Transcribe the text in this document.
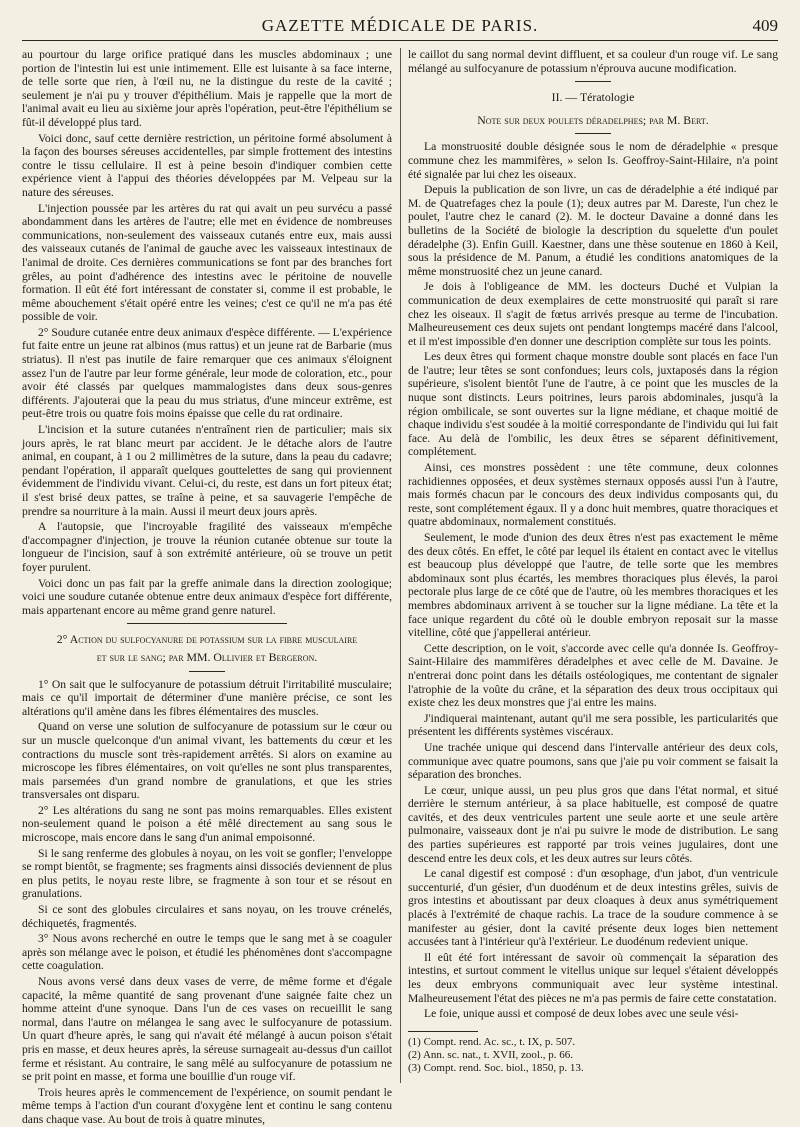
GAZETTE MÉDICALE DE PARIS.	409

au pourtour du large orifice pratiqué dans les muscles abdominaux ; une portion de l'intestin lui est unie intimement. Elle est luisante à sa face interne, de telle sorte que rien, à l'œil nu, ne la distingue du reste de la cavité ; seulement je n'ai pu y trouver d'épithélium. Mais je rappelle que la mort de l'animal avait eu lieu au sixième jour après l'opération, peut-être l'épithélium se fût-il développé plus tard.

Voici donc, sauf cette dernière restriction, un péritoine formé absolument à la façon des bourses séreuses accidentelles, par simple frottement des intestins contre le tissu cellulaire. Il est à peine besoin d'indiquer combien cette expérience vient à l'appui des théories développées par M. Velpeau sur la nature des séreuses.

L'injection poussée par les artères du rat qui avait un peu survécu a passé abondamment dans les artères de l'autre; elle met en évidence de nombreuses communications, non-seulement des vaisseaux cutanés entre eux, mais aussi des vaisseaux cutanés de l'animal de gauche avec les vaisseaux intestinaux de l'animal de droite. Ces dernières communications se font par des branches fort grêles, au point d'adhérence des intestins avec le péritoine de nouvelle formation. Il eût été fort intéressant de constater si, comme il est probable, le même abouchement s'était opéré entre les veines; c'est ce qu'il ne m'a pas été possible de voir.

2° Soudure cutanée entre deux animaux d'espèce différente. — L'expérience fut faite entre un jeune rat albinos (mus rattus) et un jeune rat de Barbarie (mus striatus). Il n'est pas inutile de faire remarquer que ces animaux s'éloignent assez l'un de l'autre par leur forme générale, leur mode de coloration, etc., pour avoir été classés par quelques mammalogistes dans deux sous-genres différents. J'ajouterai que la peau du mus striatus, d'une minceur extrême, est peut-être trois ou quatre fois moins épaisse que celle du rat ordinaire.

L'incision et la suture cutanées n'entraînent rien de particulier; mais six jours après, le rat blanc meurt par accident. Je le détache alors de l'autre animal, en coupant, à 1 ou 2 millimètres de la suture, dans la peau du cadavre; pendant l'opération, il apparaît quelques gouttelettes de sang qui proviennent évidemment de l'individu vivant. Celui-ci, du reste, est dans un fort piteux état; il s'est brisé deux pattes, se traîne à peine, et sa sauvagerie l'empêche de prendre sa nourriture à la main. Aussi il meurt deux jours après.

A l'autopsie, que l'incroyable fragilité des vaisseaux m'empêche d'accompagner d'injection, je trouve la réunion cutanée obtenue sur toute la longueur de l'incision, sauf à son extrémité antérieure, où se trouve un petit foyer purulent.

Voici donc un pas fait par la greffe animale dans la direction zoologique; voici une soudure cutanée obtenue entre deux animaux d'espèce fort différente, mais appartenant encore au même grand genre naturel.

2° Action du sulfocyanure de potassium sur la fibre musculaire
et sur le sang; par MM. Ollivier et Bergeron.

1° On sait que le sulfocyanure de potassium détruit l'irritabilité musculaire; mais ce qu'il importait de déterminer d'une manière précise, ce sont les altérations qu'il amène dans les fibres élémentaires des muscles.

Quand on verse une solution de sulfocyanure de potassium sur le cœur ou sur un muscle quelconque d'un animal vivant, les battements du cœur et les contractions du muscle sont très-rapidement arrêtés. Si alors on examine au microscope les fibres élémentaires, on voit qu'elles ne sont plus transparentes, mais parsemées d'un grand nombre de granulations, et que les stries transversales ont disparu.

2° Les altérations du sang ne sont pas moins remarquables. Elles existent non-seulement quand le poison a été mêlé directement au sang sous le microscope, mais encore dans le sang d'un animal empoisonné.

Si le sang renferme des globules à noyau, on les voit se gonfler; l'enveloppe se rompt bientôt, se fragmente; ses fragments ainsi dissociés deviennent de plus en plus petits, le noyau reste libre, se fragmente à son tour et se résout en granulations.

Si ce sont des globules circulaires et sans noyau, on les trouve crénelés, déchiquetés, fragmentés.

3° Nous avons recherché en outre le temps que le sang met à se coaguler après son mélange avec le poison, et étudié les phénomènes dont s'accompagne cette coagulation.

Nous avons versé dans deux vases de verre, de même forme et d'égale capacité, la même quantité de sang provenant d'une saignée faite chez un homme atteint d'une synoque. Dans l'un de ces vases on recueillit le sang normal, dans l'autre on mélangea le sang avec le sulfocyanure de potassium. Un quart d'heure après, le sang qui n'avait été mélangé à aucun poison s'était pris en masse, et deux heures après, la séreuse surnageait au-dessus d'un caillot ferme et résistant. Au contraire, le sang mêlé au sulfocyanure de potassium ne se prit point en masse, et forma une bouillie d'un rouge vif.

Trois heures après le commencement de l'expérience, on soumit pendant le même temps à l'action d'un courant d'oxygène lent et continu le sang contenu dans chaque vase. Au bout de trois à quatre minutes,

le caillot du sang normal devint diffluent, et sa couleur d'un rouge vif. Le sang mélangé au sulfocyanure de potassium n'éprouva aucune modification.

II. — Tératologie
Note sur deux poulets déradelphes; par M. Bert.

La monstruosité double désignée sous le nom de déradelphie « presque commune chez les mammifères, » selon Is. Geoffroy-Saint-Hilaire, n'a point été signalée par lui chez les oiseaux.

Depuis la publication de son livre, un cas de déradelphie a été indiqué par M. de Quatrefages chez la poule (1); deux autres par M. Dareste, l'un chez le poulet, l'autre chez le canard (2). M. le docteur Davaine a donné dans les bulletins de la Société de biologie la description du squelette d'un poulet déradelphe (3). Enfin Guill. Kaestner, dans une thèse soutenue en 1860 à Keil, sous la présidence de M. Panum, a étudié les conditions anatomiques de la même monstruosité chez un jeune canard.

Je dois à l'obligeance de MM. les docteurs Duché et Vulpian la communication de deux exemplaires de cette monstruosité qui paraît si rare chez les oiseaux. Il s'agit de fœtus arrivés presque au terme de l'incubation. Malheureusement ces deux sujets ont pendant longtemps macéré dans l'alcool, et il m'est impossible d'en donner une description complète sur tous les points.

Les deux êtres qui forment chaque monstre double sont placés en face l'un de l'autre; leur têtes se sont confondues; leurs cols, juxtaposés dans la région supérieure, s'isolent bientôt l'une de l'autre, à ce point que les muscles de la nuque sont distincts. Leurs poitrines, leurs parois abdominales, jusqu'à la région ombilicale, se sont ouvertes sur la ligne médiane, et chaque moitié de chaque individu s'est soudée à la moitié correspondante de l'individu qui lui fait face. Au delà de l'ombilic, les deux êtres se séparent définitivement, complétement.

Ainsi, ces monstres possèdent : une tête commune, deux colonnes rachidiennes opposées, et deux systèmes sternaux opposés aussi l'un à l'autre, mais formés chacun par le concours des deux individus composants qui, du reste, sont complétement égaux. Il y a donc huit membres, quatre thoraciques et quatre abdominaux, normalement constitués.

Seulement, le mode d'union des deux êtres n'est pas exactement le même des deux côtés. En effet, le côté par lequel ils étaient en contact avec le vitellus est beaucoup plus développé que l'autre, de telle sorte que les membres abdominaux sont plus écartés, les membres thoraciques plus élevés, la paroi pectorale plus large de ce côté que de l'autre, où les membres thoraciques et les membres abdominaux arrivent à se toucher sur la ligne médiane. La tête et la face unique regardent du côté où le double embryon reposait sur la masse vitelline, côté que j'appellerai antérieur.

Cette description, on le voit, s'accorde avec celle qu'a donnée Is. Geoffroy-Saint-Hilaire des mammifères déradelphes et avec celle de M. Davaine. Je n'entrerai donc point dans les détails ostéologiques, me contentant de signaler l'atrophie de la voûte du crâne, et la séparation des deux trous occipitaux qui existe chez les deux monstres que j'ai entre les mains.

J'indiquerai maintenant, autant qu'il me sera possible, les particularités que présentent les différents systèmes viscéraux.

Une trachée unique qui descend dans l'intervalle antérieur des deux cols, communique avec quatre poumons, sans que j'aie pu voir comment se faisait la séparation des bronches.

Le cœur, unique aussi, un peu plus gros que dans l'état normal, et situé derrière le sternum antérieur, à sa place habituelle, est composé de quatre cavités, et des deux ventricules partent une seule aorte et une seule artère pulmonaire, vaisseaux dont je n'ai pu suivre le mode de distribution. Le sang des parties supérieures est rapporté par trois veines jugulaires, dont une descend entre les deux cols, et les deux autres sur leurs côtés.

Le canal digestif est composé : d'un œsophage, d'un jabot, d'un ventricule succenturié, d'un gésier, d'un duodénum et de deux intestins grêles, suivis de gros intestins et aboutissant par deux cloaques à deux anus symétriquement placés à l'extrémité de chaque rachis. La trace de la soudure commence à se manifester au gésier, dont la cavité présente deux loges bien nettement accusées tant à l'intérieur qu'à l'extérieur. Le duodénum redevient unique.

Il eût été fort intéressant de savoir où commençait la séparation des intestins, et surtout comment le vitellus unique sur lequel s'étaient développés les deux embryons communiquait avec leur système intestinal. Malheureusement l'état des pièces ne m'a pas permis de faire cette constatation.

Le foie, unique aussi et composé de deux lobes avec une seule vési-

(1) Compt. rend. Ac. sc., t. IX, p. 507.

(2) Ann. sc. nat., t. XVII, zool., p. 66.

(3) Compt. rend. Soc. biol., 1850, p. 13.
